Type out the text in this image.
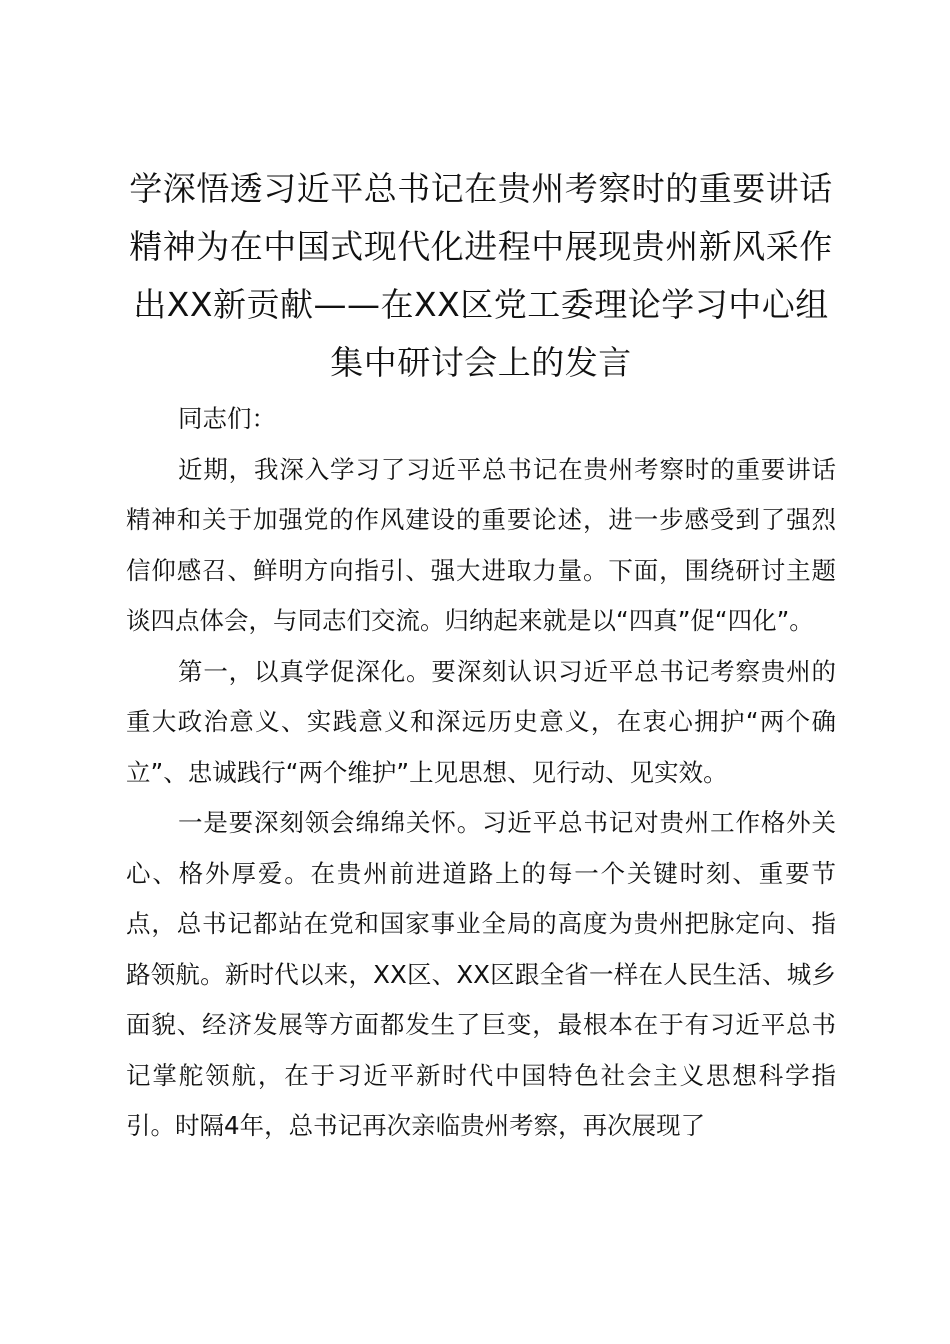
学深悟透习近平总书记在贵州考察时的重要讲话精神为在中国式现代化进程中展现贵州新风采作出XX新贡献——在XX区党工委理论学习中心组集中研讨会上的发言

同志们：

近期，我深入学习了习近平总书记在贵州考察时的重要讲话精神和关于加强党的作风建设的重要论述，进一步感受到了强烈信仰感召、鲜明方向指引、强大进取力量。下面，围绕研讨主题谈四点体会，与同志们交流。归纳起来就是以“四真”促“四化”。

第一，以真学促深化。要深刻认识习近平总书记考察贵州的重大政治意义、实践意义和深远历史意义，在衷心拥护“两个确立”、忠诚践行“两个维护”上见思想、见行动、见实效。

一是要深刻领会绵绵关怀。习近平总书记对贵州工作格外关心、格外厚爱。在贵州前进道路上的每一个关键时刻、重要节点，总书记都站在党和国家事业全局的高度为贵州把脉定向、指路领航。新时代以来，XX区、XX区跟全省一样在人民生活、城乡面貌、经济发展等方面都发生了巨变，最根本在于有习近平总书记掌舵领航，在于习近平新时代中国特色社会主义思想科学指引。时隔4年，总书记再次亲临贵州考察，再次展现了
